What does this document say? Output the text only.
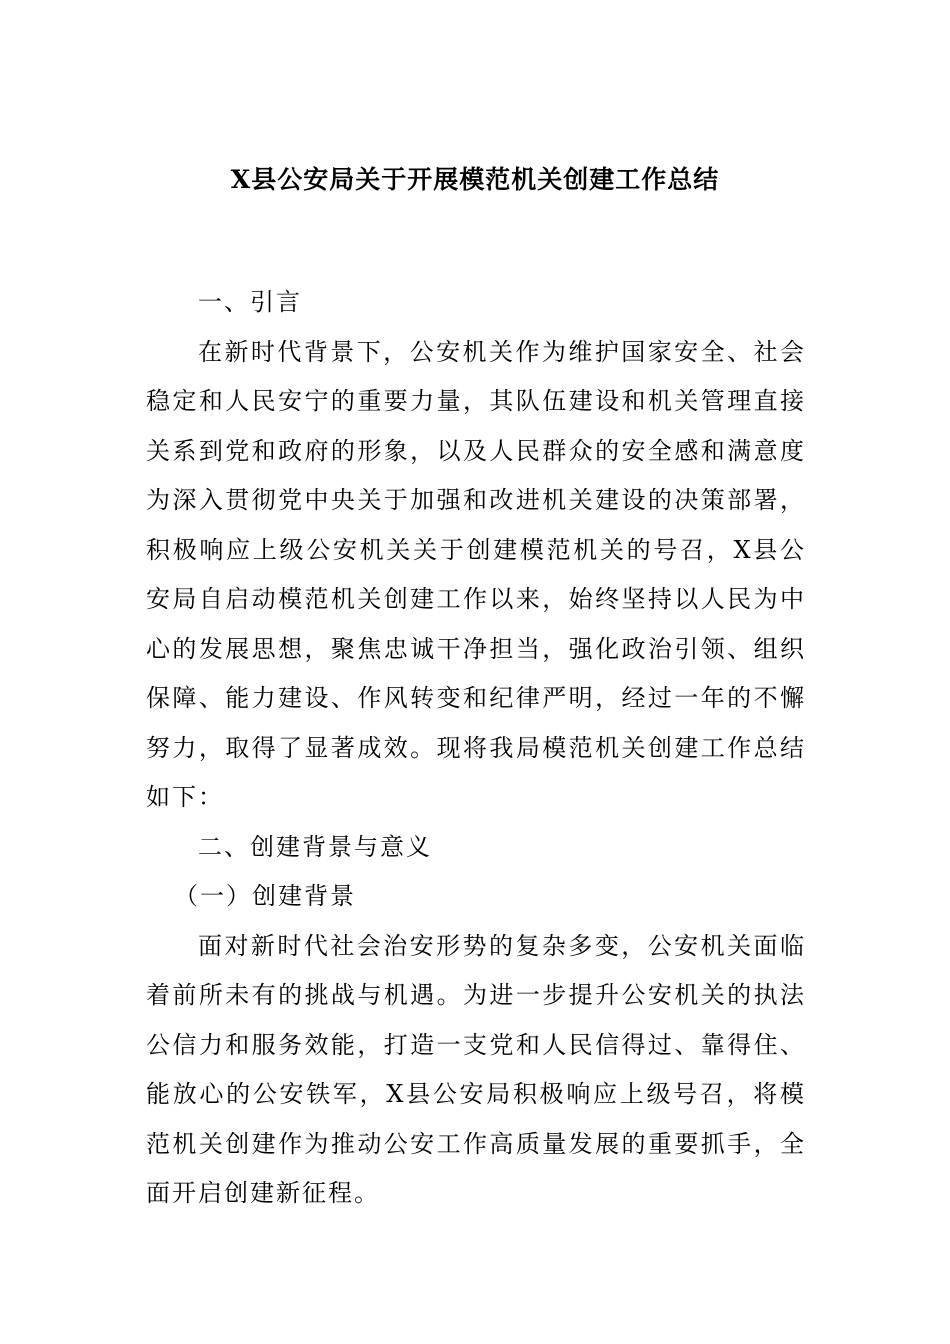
X县公安局关于开展模范机关创建工作总结

一、引言

在新时代背景下，公安机关作为维护国家安全、社会稳定和人民安宁的重要力量，其队伍建设和机关管理直接关系到党和政府的形象，以及人民群众的安全感和满意度为深入贯彻党中央关于加强和改进机关建设的决策部署，积极响应上级公安机关关于创建模范机关的号召，X县公安局自启动模范机关创建工作以来，始终坚持以人民为中心的发展思想，聚焦忠诚干净担当，强化政治引领、组织保障、能力建设、作风转变和纪律严明，经过一年的不懈努力，取得了显著成效。现将我局模范机关创建工作总结如下：

二、创建背景与意义

（一）创建背景

面对新时代社会治安形势的复杂多变，公安机关面临着前所未有的挑战与机遇。为进一步提升公安机关的执法公信力和服务效能，打造一支党和人民信得过、靠得住、能放心的公安铁军，X县公安局积极响应上级号召，将模范机关创建作为推动公安工作高质量发展的重要抓手，全面开启创建新征程。
